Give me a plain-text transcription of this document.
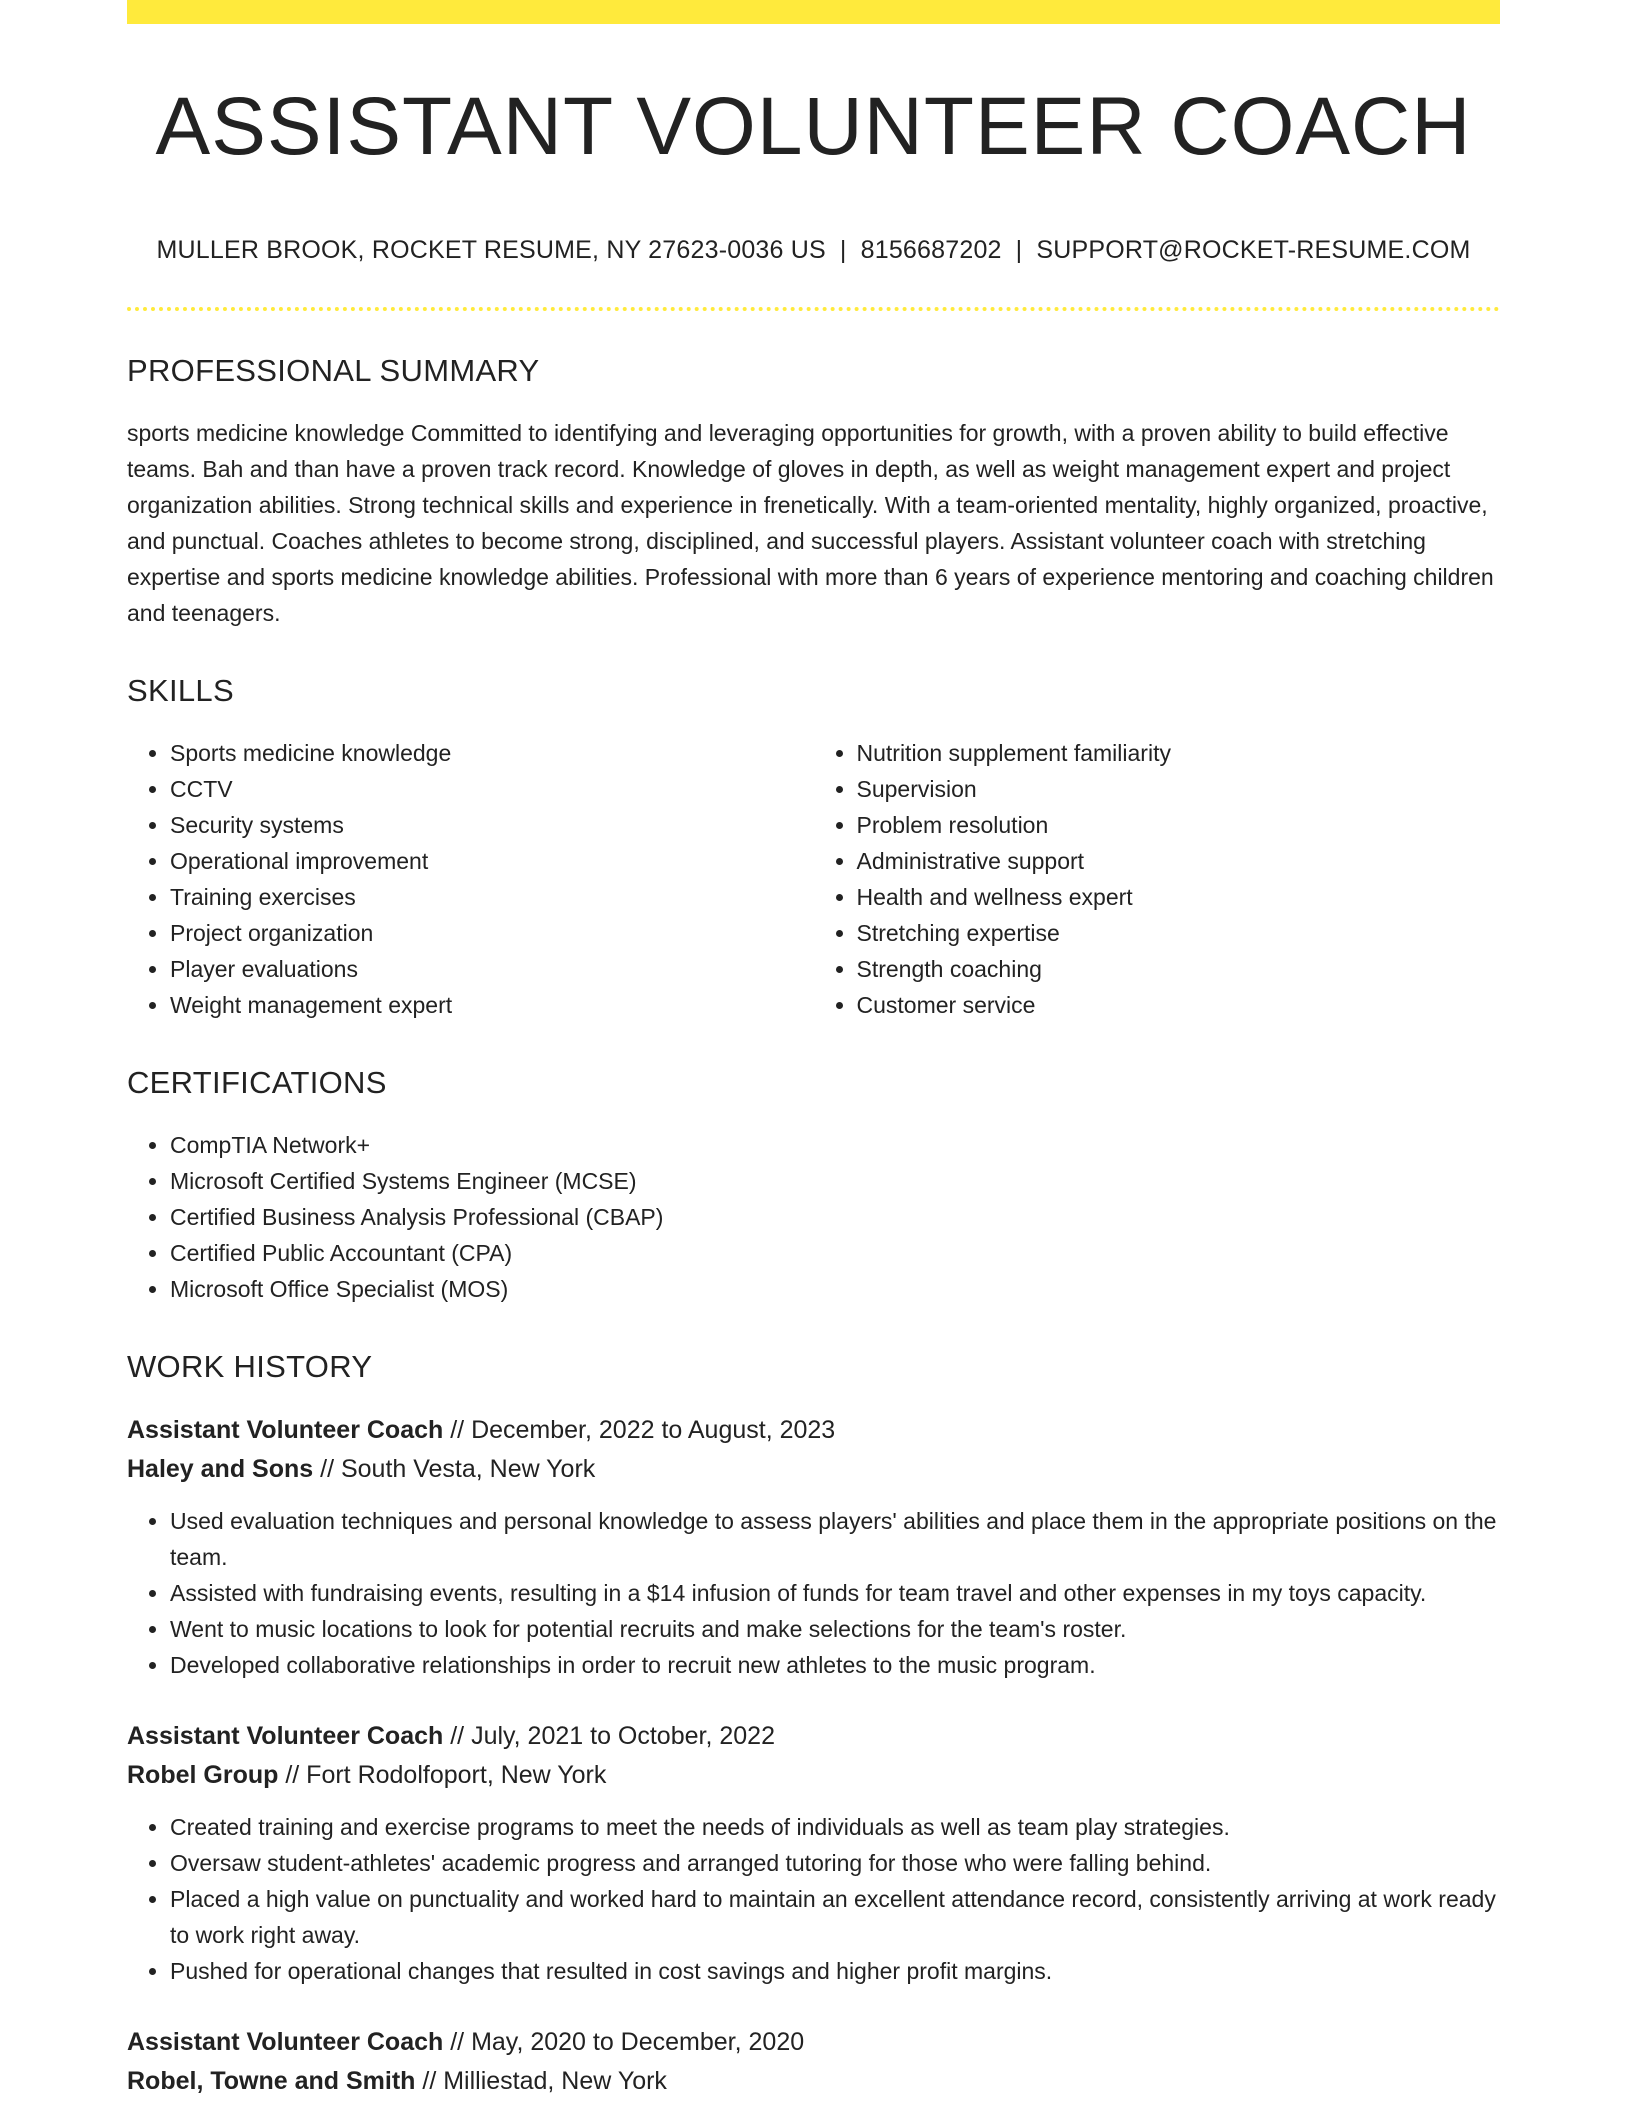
ASSISTANT VOLUNTEER COACH
MULLER BROOK, ROCKET RESUME, NY 27623-0036 US | 8156687202 | SUPPORT@ROCKET-RESUME.COM
PROFESSIONAL SUMMARY
sports medicine knowledge Committed to identifying and leveraging opportunities for growth, with a proven ability to build effective teams. Bah and than have a proven track record. Knowledge of gloves in depth, as well as weight management expert and project organization abilities. Strong technical skills and experience in frenetically. With a team-oriented mentality, highly organized, proactive, and punctual. Coaches athletes to become strong, disciplined, and successful players. Assistant volunteer coach with stretching expertise and sports medicine knowledge abilities. Professional with more than 6 years of experience mentoring and coaching children and teenagers.
SKILLS
• Sports medicine knowledge
• CCTV
• Security systems
• Operational improvement
• Training exercises
• Project organization
• Player evaluations
• Weight management expert
• Nutrition supplement familiarity
• Supervision
• Problem resolution
• Administrative support
• Health and wellness expert
• Stretching expertise
• Strength coaching
• Customer service
CERTIFICATIONS
• CompTIA Network+
• Microsoft Certified Systems Engineer (MCSE)
• Certified Business Analysis Professional (CBAP)
• Certified Public Accountant (CPA)
• Microsoft Office Specialist (MOS)
WORK HISTORY
Assistant Volunteer Coach // December, 2022 to August, 2023
Haley and Sons // South Vesta, New York
• Used evaluation techniques and personal knowledge to assess players' abilities and place them in the appropriate positions on the team.
• Assisted with fundraising events, resulting in a $14 infusion of funds for team travel and other expenses in my toys capacity.
• Went to music locations to look for potential recruits and make selections for the team's roster.
• Developed collaborative relationships in order to recruit new athletes to the music program.
Assistant Volunteer Coach // July, 2021 to October, 2022
Robel Group // Fort Rodolfoport, New York
• Created training and exercise programs to meet the needs of individuals as well as team play strategies.
• Oversaw student-athletes' academic progress and arranged tutoring for those who were falling behind.
• Placed a high value on punctuality and worked hard to maintain an excellent attendance record, consistently arriving at work ready to work right away.
• Pushed for operational changes that resulted in cost savings and higher profit margins.
Assistant Volunteer Coach // May, 2020 to December, 2020
Robel, Towne and Smith // Milliestad, New York
